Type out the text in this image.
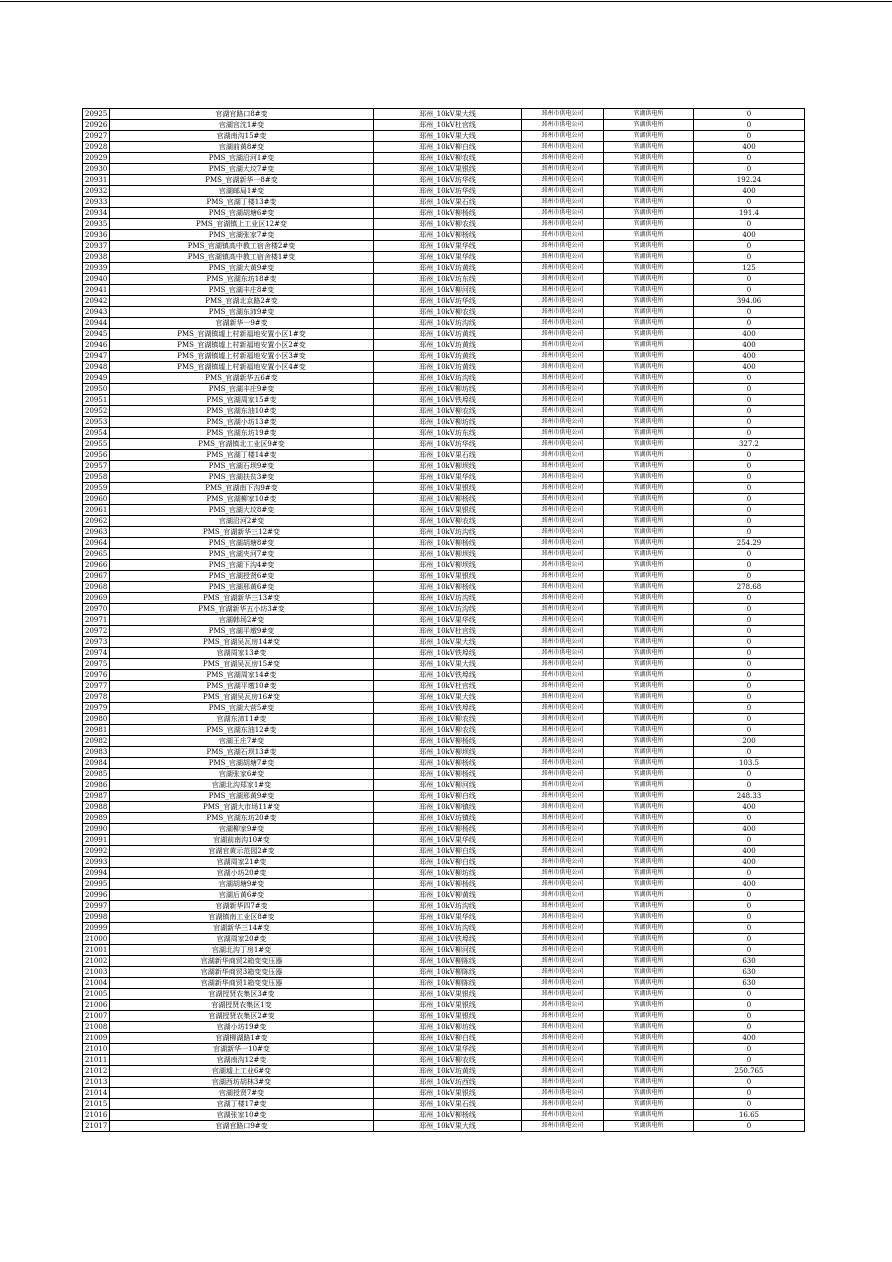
20925	官湖官路口8#变	邳州_10kV果大线	邳州市供电公司	官湖供电所	0
20926	官湖宫沈1#变	邳州_10kV杜官线	邳州市供电公司	官湖供电所	0
20927	官湖南沟15#变	邳州_10kV果大线	邳州市供电公司	官湖供电所	0
20928	官湖前黄8#变	邳州_10kV柳白线	邳州市供电公司	官湖供电所	400
20929	PMS_官湖沿河1#变	邳州_10kV柳农线	邳州市供电公司	官湖供电所	0
20930	PMS_官湖大坟7#变	邳州_10kV果银线	邳州市供电公司	官湖供电所	0
20931	PMS_官湖新华一8#变	邳州_10kV坊华线	邳州市供电公司	官湖供电所	192.24
20932	官湖邮局1#变	邳州_10kV坊华线	邳州市供电公司	官湖供电所	400
20933	PMS_官湖丁楼13#变	邳州_10kV果石线	邳州市供电公司	官湖供电所	0
20934	PMS_官湖胡塘6#变	邳州_10kV柳杨线	邳州市供电公司	官湖供电所	191.4
20935	PMS_官湖镇上工业区12#变	邳州_10kV柳农线	邳州市供电公司	官湖供电所	0
20936	PMS_官湖张家7#变	邳州_10kV柳杨线	邳州市供电公司	官湖供电所	400
20937	PMS_官湖镇高中教工宿舍楼2#变	邳州_10kV果华线	邳州市供电公司	官湖供电所	0
20938	PMS_官湖镇高中教工宿舍楼1#变	邳州_10kV果华线	邳州市供电公司	官湖供电所	0
20939	PMS_官湖大黄9#变	邳州_10kV坊黄线	邳州市供电公司	官湖供电所	125
20940	PMS_官湖东坊18#变	邳州_10kV坊东线	邳州市供电公司	官湖供电所	0
20941	PMS_官湖丰庄8#变	邳州_10kV柳河线	邳州市供电公司	官湖供电所	0
20942	PMS_官湖北京路2#变	邳州_10kV坊华线	邳州市供电公司	官湖供电所	394.06
20943	PMS_官湖东沛9#变	邳州_10kV柳农线	邳州市供电公司	官湖供电所	0
20944	官湖新华一9#变	邳州_10kV坊沟线	邳州市供电公司	官湖供电所	0
20945	PMS_官湖镇墟上村新福地安置小区1#变	邳州_10kV坊黄线	邳州市供电公司	官湖供电所	400
20946	PMS_官湖镇墟上村新福地安置小区2#变	邳州_10kV坊黄线	邳州市供电公司	官湖供电所	400
20947	PMS_官湖镇墟上村新福地安置小区3#变	邳州_10kV坊黄线	邳州市供电公司	官湖供电所	400
20948	PMS_官湖镇墟上村新福地安置小区4#变	邳州_10kV坊黄线	邳州市供电公司	官湖供电所	400
20949	PMS_官湖新华五6#变	邳州_10kV坊沟线	邳州市供电公司	官湖供电所	0
20950	PMS_官湖丰庄9#变	邳州_10kV柳坊线	邳州市供电公司	官湖供电所	0
20951	PMS_官湖周家15#变	邳州_10kV铁埠线	邳州市供电公司	官湖供电所	0
20952	PMS_官湖东油10#变	邳州_10kV柳农线	邳州市供电公司	官湖供电所	0
20953	PMS_官湖小坊13#变	邳州_10kV柳坊线	邳州市供电公司	官湖供电所	0
20954	PMS_官湖东坊19#变	邳州_10kV坊东线	邳州市供电公司	官湖供电所	0
20955	PMS_官湖镇北工业区9#变	邳州_10kV坊华线	邳州市供电公司	官湖供电所	327.2
20956	PMS_官湖丁楼14#变	邳州_10kV果石线	邳州市供电公司	官湖供电所	0
20957	PMS_官湖石坝9#变	邳州_10kV柳坝线	邳州市供电公司	官湖供电所	0
20958	PMS_官湖扶贫3#变	邳州_10kV果华线	邳州市供电公司	官湖供电所	0
20959	PMS_官湖南下沟9#变	邳州_10kV果银线	邳州市供电公司	官湖供电所	0
20960	PMS_官湖柳家10#变	邳州_10kV柳杨线	邳州市供电公司	官湖供电所	0
20961	PMS_官湖大坟8#变	邳州_10kV果银线	邳州市供电公司	官湖供电所	0
20962	官湖沿河2#变	邳州_10kV柳农线	邳州市供电公司	官湖供电所	0
20963	PMS_官湖新华三12#变	邳州_10kV坊沟线	邳州市供电公司	官湖供电所	0
20964	PMS_官湖胡塘8#变	邳州_10kV柳杨线	邳州市供电公司	官湖供电所	254.29
20965	PMS_官湖夹河7#变	邳州_10kV柳坝线	邳州市供电公司	官湖供电所	0
20966	PMS_官湖下沟4#变	邳州_10kV柳坝线	邳州市供电公司	官湖供电所	0
20967	PMS_官湖授贤6#变	邳州_10kV果银线	邳州市供电公司	官湖供电所	0
20968	PMS_官湖邢黄6#变	邳州_10kV柳杨线	邳州市供电公司	官湖供电所	278.68
20969	PMS_官湖新华三13#变	邳州_10kV坊沟线	邳州市供电公司	官湖供电所	0
20970	PMS_官湖新华五小坊3#变	邳州_10kV坊沟线	邳州市供电公司	官湖供电所	0
20971	官湖韩场2#变	邳州_10kV果华线	邳州市供电公司	官湖供电所	0
20972	PMS_官湖平墩9#变	邳州_10kV杜官线	邳州市供电公司	官湖供电所	0
20973	PMS_官湖吴瓦房14#变	邳州_10kV果大线	邳州市供电公司	官湖供电所	0
20974	官湖周家13#变	邳州_10kV铁埠线	邳州市供电公司	官湖供电所	0
20975	PMS_官湖吴瓦房15#变	邳州_10kV果大线	邳州市供电公司	官湖供电所	0
20976	PMS_官湖周家14#变	邳州_10kV铁埠线	邳州市供电公司	官湖供电所	0
20977	PMS_官湖平墩10#变	邳州_10kV杜官线	邳州市供电公司	官湖供电所	0
20978	PMS_官湖吴瓦房16#变	邳州_10kV果大线	邳州市供电公司	官湖供电所	0
20979	PMS_官湖大营5#变	邳州_10kV铁埠线	邳州市供电公司	官湖供电所	0
20980	官湖东沛11#变	邳州_10kV柳农线	邳州市供电公司	官湖供电所	0
20981	PMS_官湖东油12#变	邳州_10kV柳农线	邳州市供电公司	官湖供电所	0
20982	官湖王庄7#变	邳州_10kV柳杨线	邳州市供电公司	官湖供电所	200
20983	PMS_官湖石坝13#变	邳州_10kV柳坝线	邳州市供电公司	官湖供电所	0
20984	PMS_官湖胡塘7#变	邳州_10kV柳杨线	邳州市供电公司	官湖供电所	103.5
20985	官湖张家6#变	邳州_10kV柳杨线	邳州市供电公司	官湖供电所	0
20986	官湖北沟郑家1#变	邳州_10kV柳河线	邳州市供电公司	官湖供电所	0
20987	PMS_官湖邢黄9#变	邳州_10kV柳白线	邳州市供电公司	官湖供电所	248.33
20988	PMS_官湖大市场11#变	邳州_10kV柳镇线	邳州市供电公司	官湖供电所	400
20989	PMS_官湖东坊20#变	邳州_10kV坊镇线	邳州市供电公司	官湖供电所	0
20990	官湖柳家9#变	邳州_10kV柳杨线	邳州市供电公司	官湖供电所	400
20991	官湖前南沟10#变	邳州_10kV果华线	邳州市供电公司	官湖供电所	0
20992	官湖官黄示范园2#变	邳州_10kV柳白线	邳州市供电公司	官湖供电所	400
20993	官湖周家21#变	邳州_10kV柳白线	邳州市供电公司	官湖供电所	400
20994	官湖小坊20#变	邳州_10kV柳坊线	邳州市供电公司	官湖供电所	0
20995	官湖胡塘9#变	邳州_10kV柳杨线	邳州市供电公司	官湖供电所	400
20996	官湖后黄6#变	邳州_10kV柳黄线	邳州市供电公司	官湖供电所	0
20997	官湖新华四7#变	邳州_10kV坊沟线	邳州市供电公司	官湖供电所	0
20998	官湖镇南工业区8#变	邳州_10kV果华线	邳州市供电公司	官湖供电所	0
20999	官湖新华三14#变	邳州_10kV坊沟线	邳州市供电公司	官湖供电所	0
21000	官湖周家20#变	邳州_10kV铁埠线	邳州市供电公司	官湖供电所	0
21001	官湖北沟丁房1#变	邳州_10kV柳河线	邳州市供电公司	官湖供电所	0
21002	官湖新华商贸2箱变变压器	邳州_10kV柳陈线	邳州市供电公司	官湖供电所	630
21003	官湖新华商贸3箱变变压器	邳州_10kV柳陈线	邳州市供电公司	官湖供电所	630
21004	官湖新华商贸1箱变变压器	邳州_10kV柳陈线	邳州市供电公司	官湖供电所	630
21005	官湖授贤农集区3#变	邳州_10kV果银线	邳州市供电公司	官湖供电所	0
21006	官湖授贤农集区1变	邳州_10kV果银线	邳州市供电公司	官湖供电所	0
21007	官湖授贤农集区2#变	邳州_10kV果银线	邳州市供电公司	官湖供电所	0
21008	官湖小坊19#变	邳州_10kV柳坊线	邳州市供电公司	官湖供电所	0
21009	官湖柳湖路1#变	邳州_10kV柳白线	邳州市供电公司	官湖供电所	400
21010	官湖新华一10#变	邳州_10kV果华线	邳州市供电公司	官湖供电所	0
21011	官湖南沟12#变	邳州_10kV柳农线	邳州市供电公司	官湖供电所	0
21012	官湖墟上工业6#变	邳州_10kV坊黄线	邳州市供电公司	官湖供电所	250.765
21013	官湖西坊胡林3#变	邳州_10kV坊西线	邳州市供电公司	官湖供电所	0
21014	官湖授贤7#变	邳州_10kV果银线	邳州市供电公司	官湖供电所	0
21015	官湖丁楼17#变	邳州_10kV果石线	邳州市供电公司	官湖供电所	0
21016	官湖张家10#变	邳州_10kV柳杨线	邳州市供电公司	官湖供电所	16.65
21017	官湖官路口9#变	邳州_10kV果大线	邳州市供电公司	官湖供电所	0
